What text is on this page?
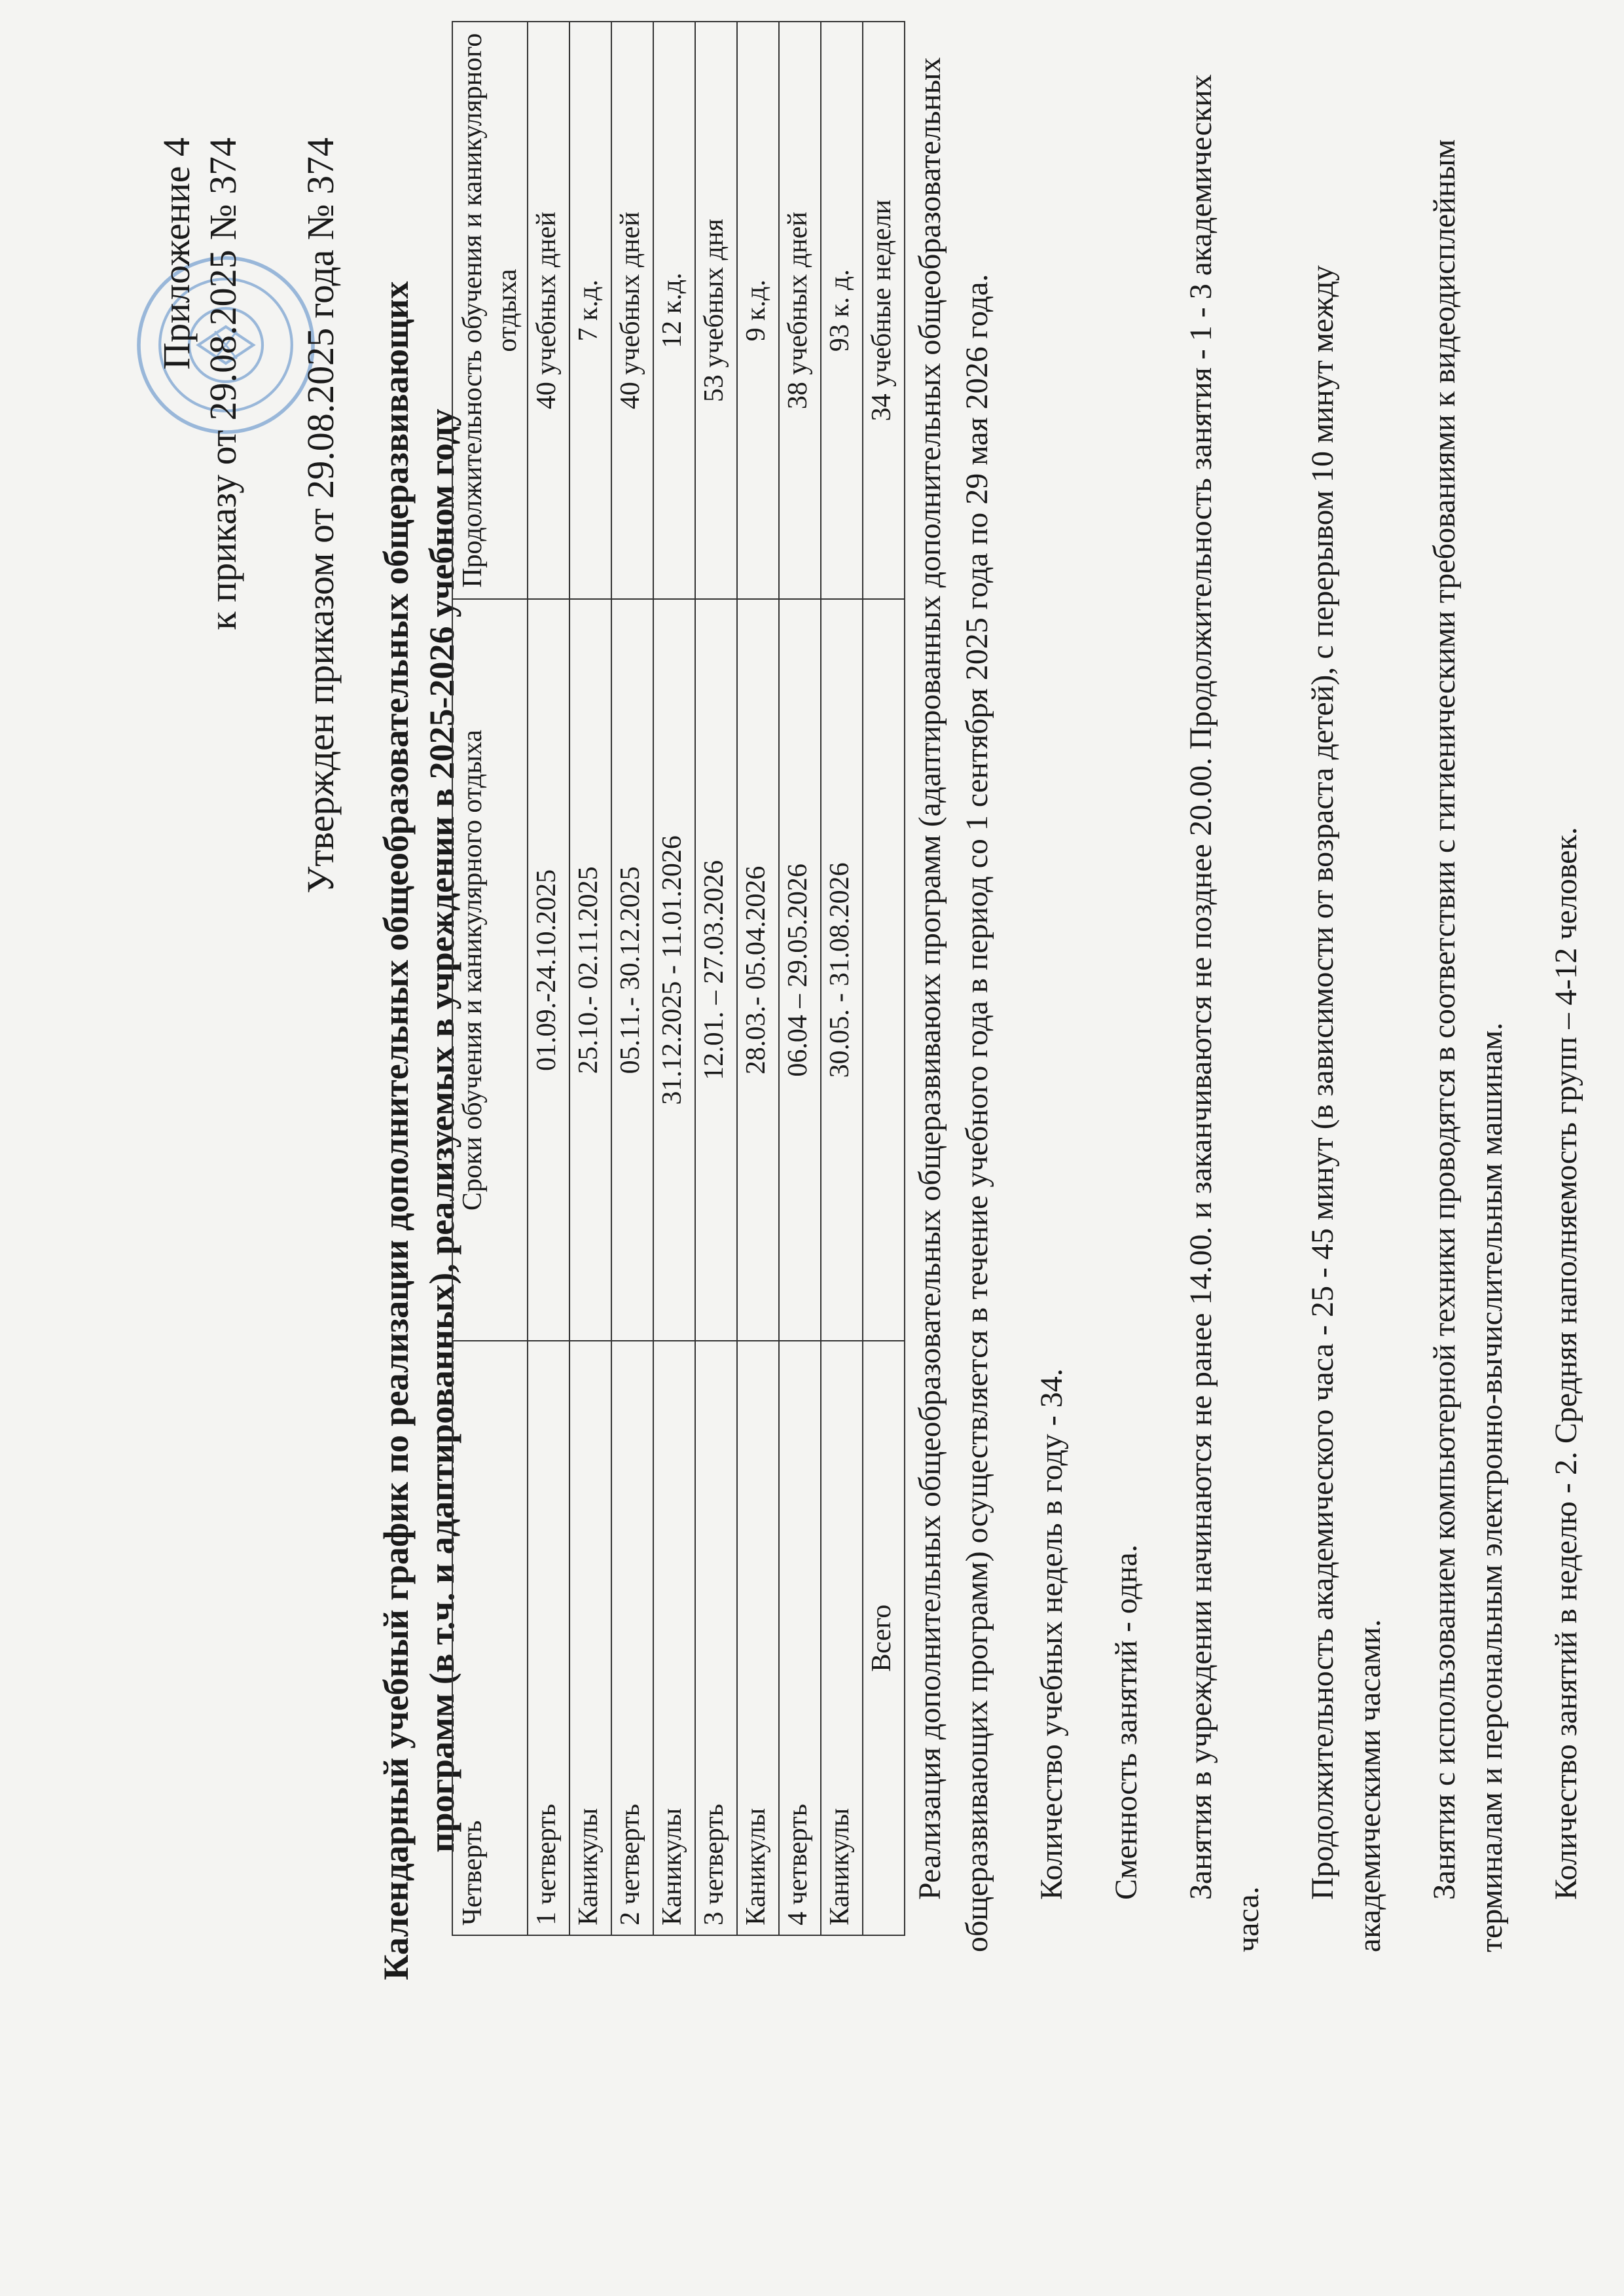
Приложение 4 к приказу от 29.08.2025 № 374 Утвержден приказом от 29.08.2025 года № 374 Календарный учебный график по реализации дополнительных общеобразовательных общеразвивающих программ (в т.ч. и адаптированных), реализуемых в учреждении в 2025-2026 учебном году
Четверть	Сроки обучения и каникулярного отдыха	Продолжительность обучения и каникулярного отдыха
1 четверть	01.09.-24.10.2025	40 учебных дней
Каникулы	25.10.- 02.11.2025	7 к.д.
2 четверть	05.11.- 30.12.2025	40 учебных дней
Каникулы	31.12.2025 - 11.01.2026	12 к.д.
3 четверть	12.01. – 27.03.2026	53 учебных дня
Каникулы	28.03.- 05.04.2026	9 к.д.
4 четверть	06.04 – 29.05.2026	38 учебных дней
Каникулы	30.05. - 31.08.2026	93 к. д.
Всего		34 учебные недели Реализация дополнительных общеобразовательных общеразвиваюих программ (адаптированных дополнительных общеобразовательных общеразвивающих программ) осуществляется в течение учебного года в период со 1 сентября 2025 года по 29 мая 2026 года. Количество учебных недель в году - 34. Сменность занятий - одна. Занятия в учреждении начинаются не ранее 14.00. и заканчиваются не позднее 20.00. Продолжительность занятия - 1 - 3 академических часа.

Продолжительность академического часа - 25 - 45 минут (в зависимости от возраста детей), с перерывом 10 минут между академическими часами. Занятия с использованием компьютерной техники проводятся в соответствии с гигиеническими требованиями к видеодисплейным терминалам и персональным электронно-вычислительным машинам. Количество занятий в неделю - 2. Средняя наполняемость групп – 4-12 человек.
